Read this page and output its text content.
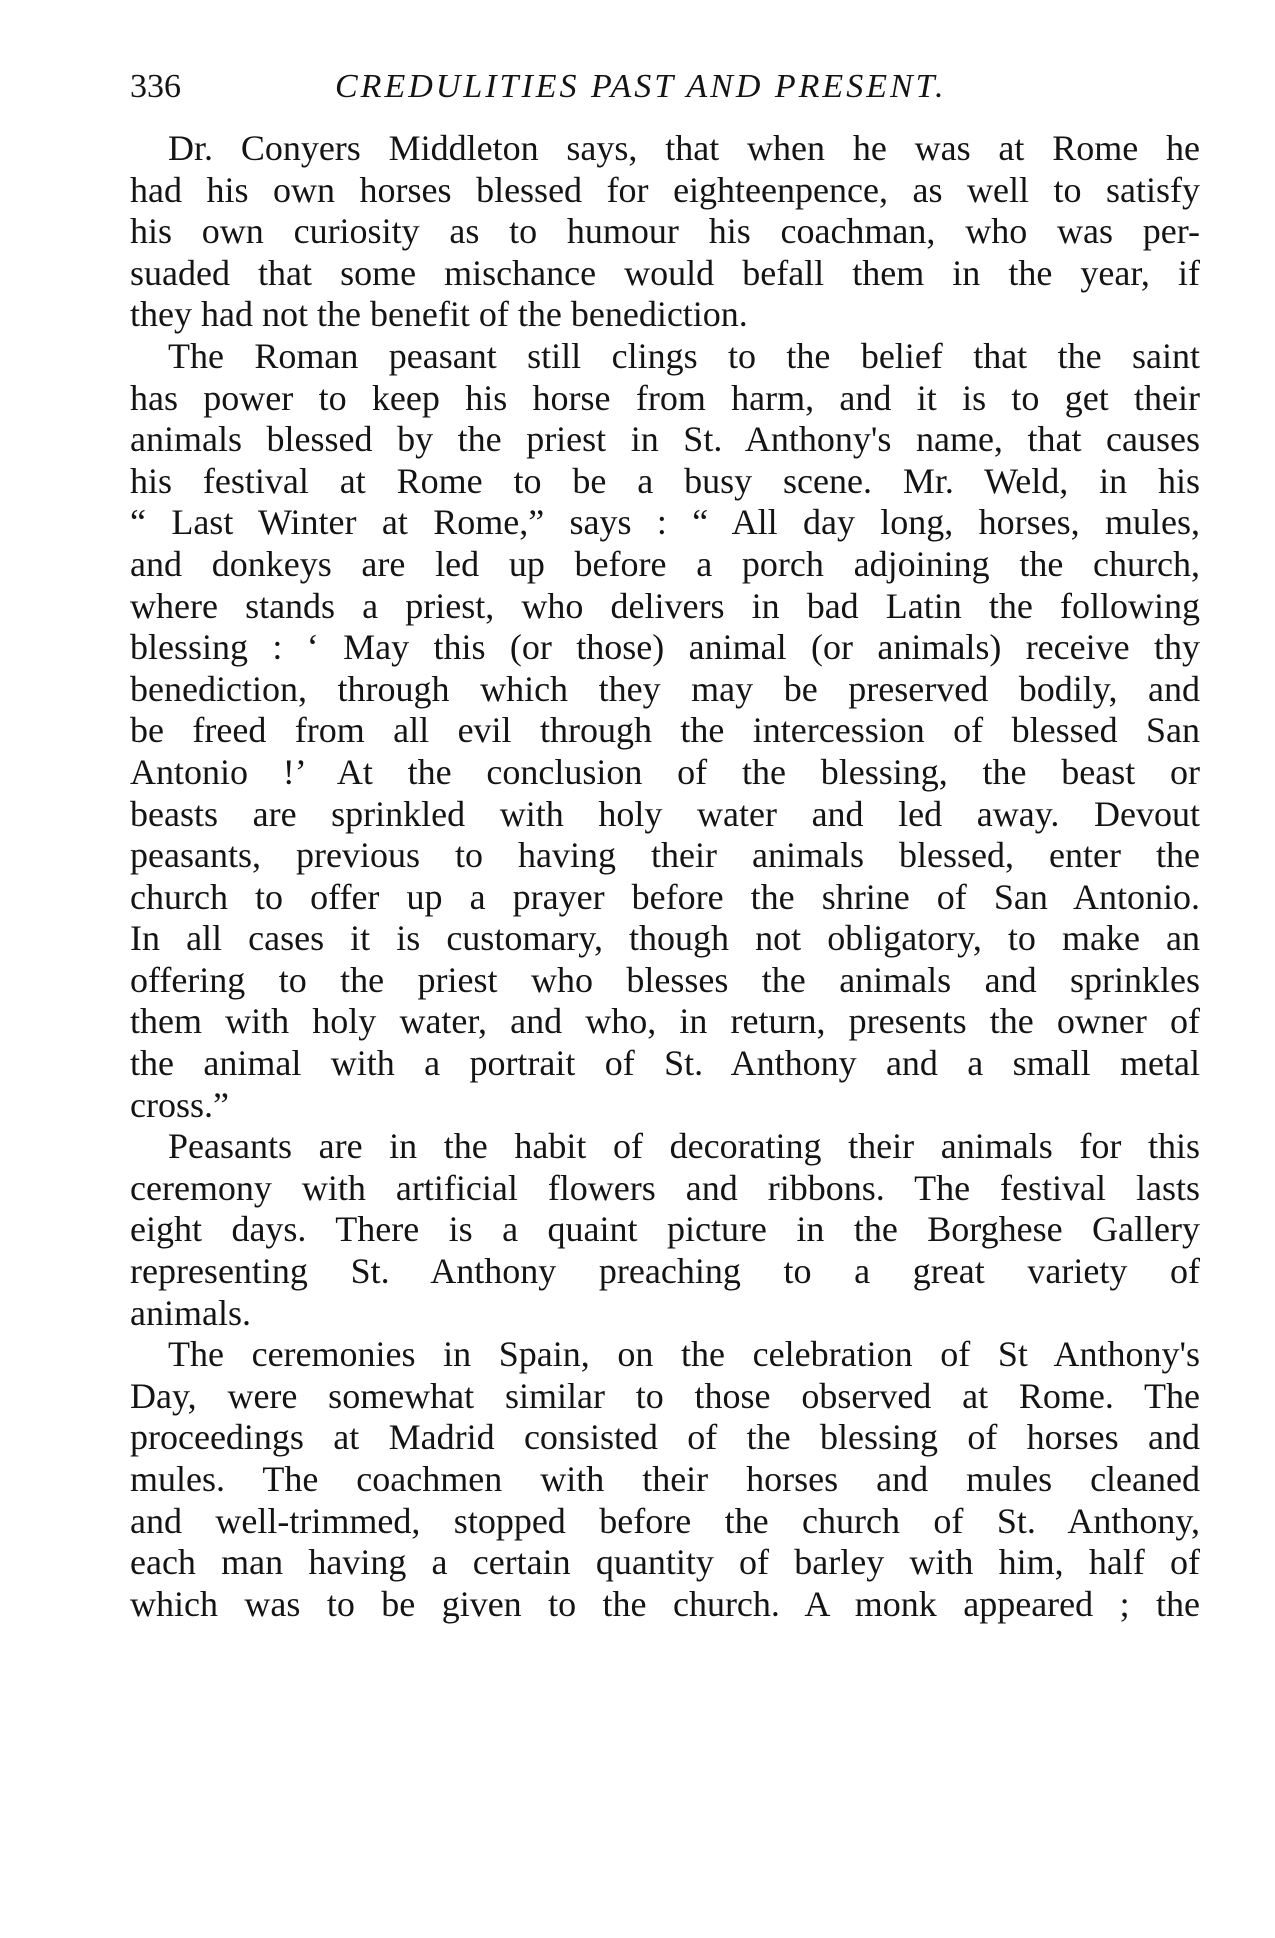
336	CREDULITIES PAST AND PRESENT.
Dr. Conyers Middleton says, that when he was at Rome he
had his own horses blessed for eighteenpence, as well to satisfy
his own curiosity as to humour his coachman, who was per-
suaded that some mischance would befall them in the year, if
they had not the benefit of the benediction.
The Roman peasant still clings to the belief that the saint
has power to keep his horse from harm, and it is to get their
animals blessed by the priest in St. Anthony's name, that causes
his festival at Rome to be a busy scene. Mr. Weld, in his
“ Last Winter at Rome,” says : “ All day long, horses, mules,
and donkeys are led up before a porch adjoining the church,
where stands a priest, who delivers in bad Latin the following
blessing : ‘ May this (or those) animal (or animals) receive thy
benediction, through which they may be preserved bodily, and
be freed from all evil through the intercession of blessed San
Antonio !’ At the conclusion of the blessing, the beast or
beasts are sprinkled with holy water and led away. Devout
peasants, previous to having their animals blessed, enter the
church to offer up a prayer before the shrine of San Antonio.
In all cases it is customary, though not obligatory, to make an
offering to the priest who blesses the animals and sprinkles
them with holy water, and who, in return, presents the owner of
the animal with a portrait of St. Anthony and a small metal
cross.”
Peasants are in the habit of decorating their animals for this
ceremony with artificial flowers and ribbons. The festival lasts
eight days. There is a quaint picture in the Borghese Gallery
representing St. Anthony preaching to a great variety of
animals.
The ceremonies in Spain, on the celebration of St Anthony's
Day, were somewhat similar to those observed at Rome. The
proceedings at Madrid consisted of the blessing of horses and
mules. The coachmen with their horses and mules cleaned
and well-trimmed, stopped before the church of St. Anthony,
each man having a certain quantity of barley with him, half of
which was to be given to the church. A monk appeared ; the
